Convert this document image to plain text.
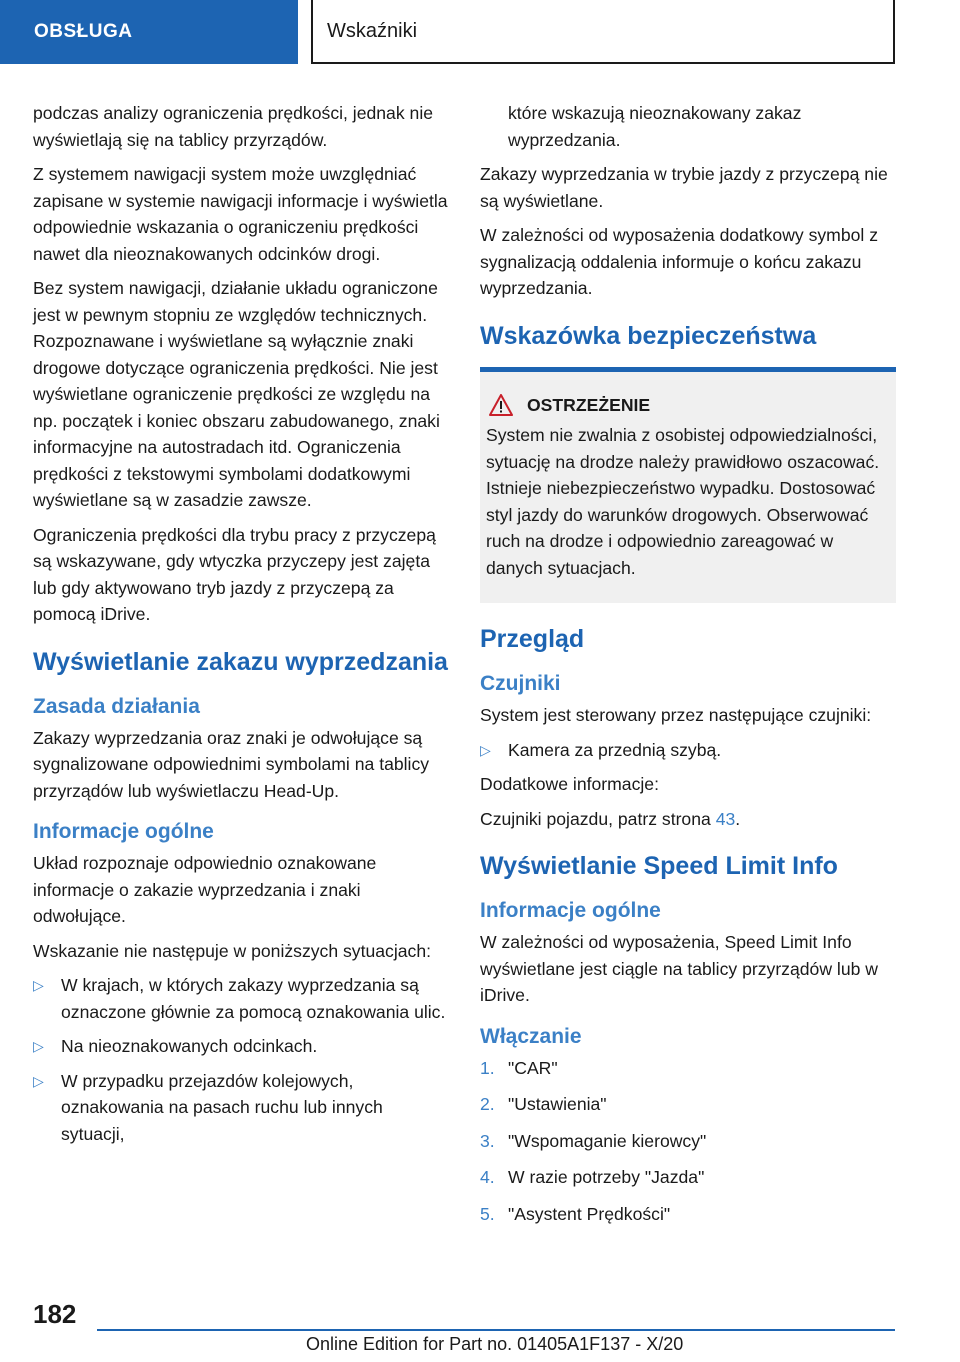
OBSŁUGA	Wskaźniki

podczas analizy ograniczenia prędkości, jednak nie wyświetlają się na tablicy przyrządów.

Z systemem nawigacji system może uwzględniać zapisane w systemie nawigacji informacje i wyświetla odpowiednie wskazania o ograniczeniu prędkości nawet dla nieoznakowanych odcinków drogi.

Bez system nawigacji, działanie układu ograniczone jest w pewnym stopniu ze względów technicznych. Rozpoznawane i wyświetlane są wyłącznie znaki drogowe dotyczące ograniczenia prędkości. Nie jest wyświetlane ograniczenie prędkości ze względu na np. początek i koniec obszaru zabudowanego, znaki informacyjne na autostradach itd. Ograniczenia prędkości z tekstowymi symbolami dodatkowymi wyświetlane są w zasadzie zawsze.

Ograniczenia prędkości dla trybu pracy z przyczepą są wskazywane, gdy wtyczka przyczepy jest zajęta lub gdy aktywowano tryb jazdy z przyczepą za pomocą iDrive.

Wyświetlanie zakazu wyprzedzania
Zasada działania

Zakazy wyprzedzania oraz znaki je odwołujące są sygnalizowane odpowiednimi symbolami na tablicy przyrządów lub wyświetlaczu Head-Up.

Informacje ogólne

Układ rozpoznaje odpowiednio oznakowane informacje o zakazie wyprzedzania i znaki odwołujące.

Wskazanie nie następuje w poniższych sytuacjach:

▷ W krajach, w których zakazy wyprzedzania są oznaczone głównie za pomocą oznakowania ulic.
▷ Na nieoznakowanych odcinkach.
▷ W przypadku przejazdów kolejowych, oznakowania na pasach ruchu lub innych sytuacji,
które wskazują nieoznakowany zakaz wyprzedzania.

Zakazy wyprzedzania w trybie jazdy z przyczepą nie są wyświetlane.

W zależności od wyposażenia dodatkowy symbol z sygnalizacją oddalenia informuje o końcu zakazu wyprzedzania.

Wskazówka bezpieczeństwa
OSTRZEŻENIE
System nie zwalnia z osobistej odpowiedzialności, sytuację na drodze należy prawidłowo oszacować. Istnieje niebezpieczeństwo wypadku. Dostosować styl jazdy do warunków drogowych. Obserwować ruch na drodze i odpowiednio zareagować w danych sytuacjach.
Przegląd
Czujniki

System jest sterowany przez następujące czujniki:

▷ Kamera za przednią szybą.

Dodatkowe informacje:

Czujniki pojazdu, patrz strona 43.

Wyświetlanie Speed Limit Info
Informacje ogólne

W zależności od wyposażenia, Speed Limit Info wyświetlane jest ciągle na tablicy przyrządów lub w iDrive.

Włączanie
1. "CAR"
2. "Ustawienia"
3. "Wspomaganie kierowcy"
4. W razie potrzeby "Jazda"
5. "Asystent Prędkości"
182
Online Edition for Part no. 01405A1F137 - X/20
